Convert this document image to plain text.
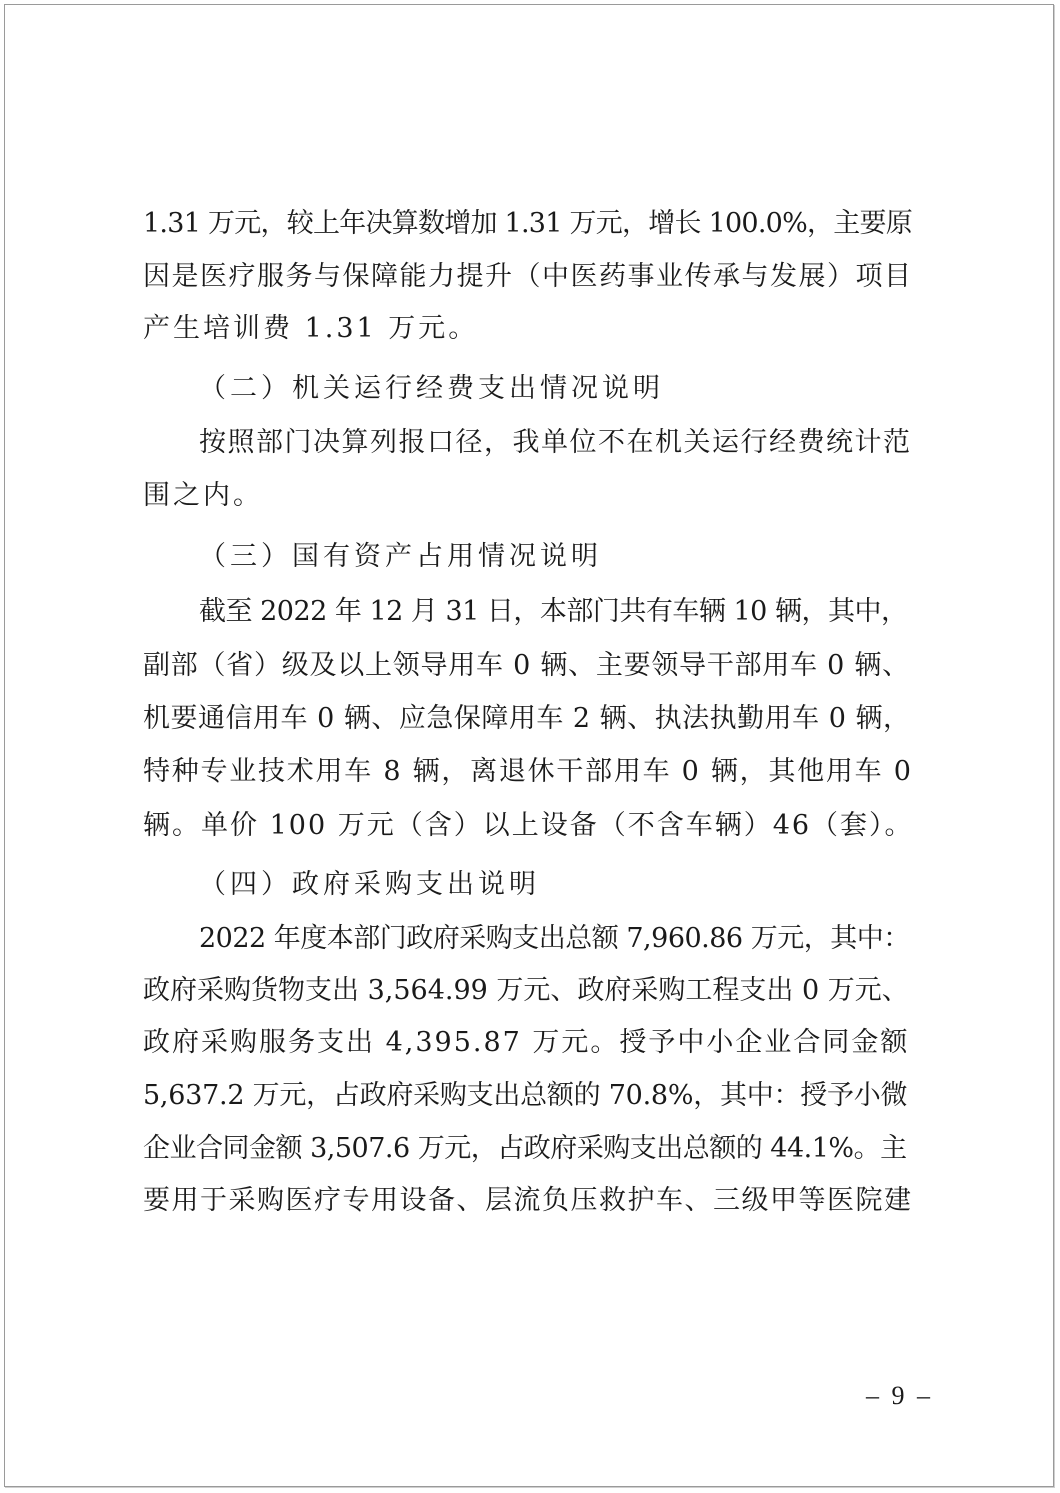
1.31 万元，较上年决算数增加 1.31 万元，增长 100.0%，主要原
因是医疗服务与保障能力提升（中医药事业传承与发展）项目
产生培训费 1.31 万元。
（二）机关运行经费支出情况说明
按照部门决算列报口径，我单位不在机关运行经费统计范
围之内。
（三）国有资产占用情况说明
截至 2022 年 12 月 31 日，本部门共有车辆 10 辆，其中，
副部（省）级及以上领导用车 0 辆、主要领导干部用车 0 辆、
机要通信用车 0 辆、应急保障用车 2 辆、执法执勤用车 0 辆，
特种专业技术用车 8 辆，离退休干部用车 0 辆，其他用车 0
辆。单价 100 万元（含）以上设备（不含车辆）46（套）。
（四）政府采购支出说明
2022 年度本部门政府采购支出总额 7,960.86 万元，其中：
政府采购货物支出 3,564.99 万元、政府采购工程支出 0 万元、
政府采购服务支出 4,395.87 万元。授予中小企业合同金额
5,637.2 万元，占政府采购支出总额的 70.8%，其中：授予小微
企业合同金额 3,507.6 万元，占政府采购支出总额的 44.1%。主
要用于采购医疗专用设备、层流负压救护车、三级甲等医院建
– 9 –
